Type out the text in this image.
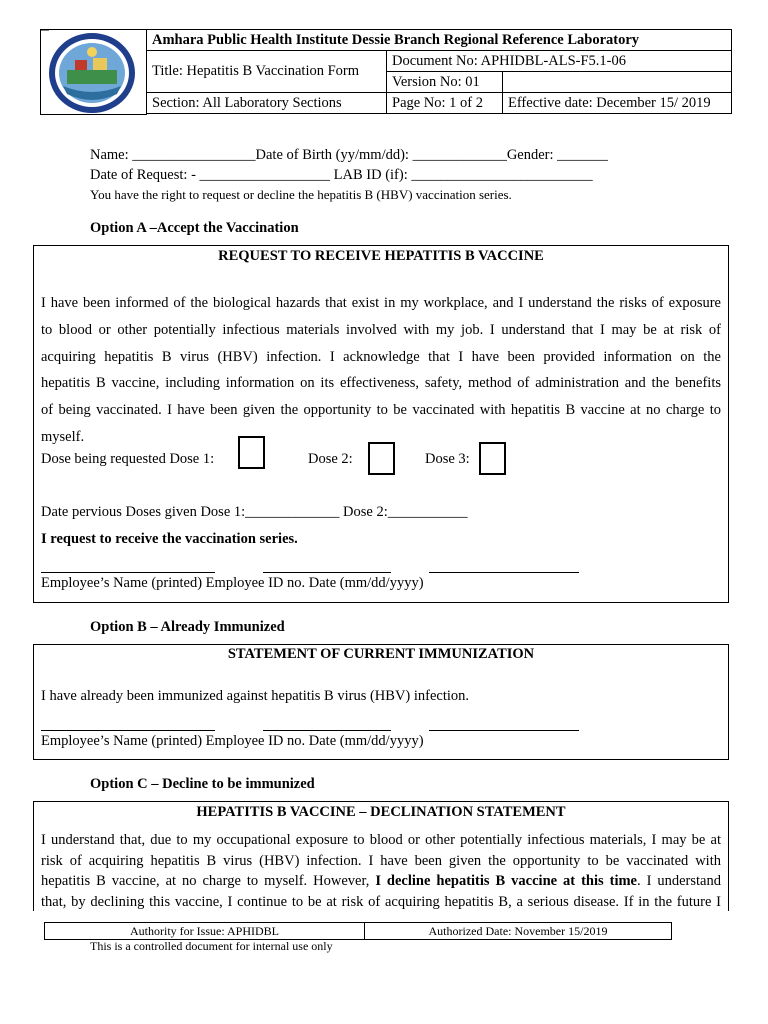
Amhara Public Health Institute Dessie Branch Regional Reference Laboratory		
Title: Hepatitis B Vaccination Form	Document No: APHIDBL-ALS-F5.1-06	
	Version No: 01	
Section: All Laboratory Sections	Page No: 1 of 2	Effective date: December 15/ 2019
Name: _________________Date of Birth (yy/mm/dd): _____________Gender: _______
Date of Request: - __________________ LAB ID (if): _________________________
You have the right to request or decline the hepatitis B (HBV) vaccination series.
Option A –Accept the Vaccination
REQUEST TO RECEIVE HEPATITIS B VACCINE
I have been informed of the biological hazards that exist in my workplace, and I understand the risks of exposure
to blood or other potentially infectious materials involved with my job. I understand that I may be at risk of
acquiring hepatitis B virus (HBV) infection. I acknowledge that I have been provided information on the
hepatitis B vaccine, including information on its effectiveness, safety, method of administration and the benefits
of being vaccinated. I have been given the opportunity to be vaccinated with hepatitis B vaccine at no charge to
myself.
Dose being requested Dose 1:	Dose 2:	Dose 3:
Date pervious Doses given Dose 1:_____________ Dose 2:___________
I request to receive the vaccination series.
Employee’s Name (printed) Employee ID no. Date (mm/dd/yyyy)
Option B – Already Immunized
STATEMENT OF CURRENT IMMUNIZATION
I have already been immunized against hepatitis B virus (HBV) infection.
Employee’s Name (printed) Employee ID no. Date (mm/dd/yyyy)
Option C – Decline to be immunized
HEPATITIS B VACCINE – DECLINATION STATEMENT
I understand that, due to my occupational exposure to blood or other potentially infectious materials, I may be at
risk of acquiring hepatitis B virus (HBV) infection. I have been given the opportunity to be vaccinated with
hepatitis B vaccine, at no charge to myself. However, I decline hepatitis B vaccine at this time. I understand
that, by declining this vaccine, I continue to be at risk of acquiring hepatitis B, a serious disease. If in the future I
Authority for Issue: APHIDBL	Authorized Date: November 15/2019
This is a controlled document for internal use only
